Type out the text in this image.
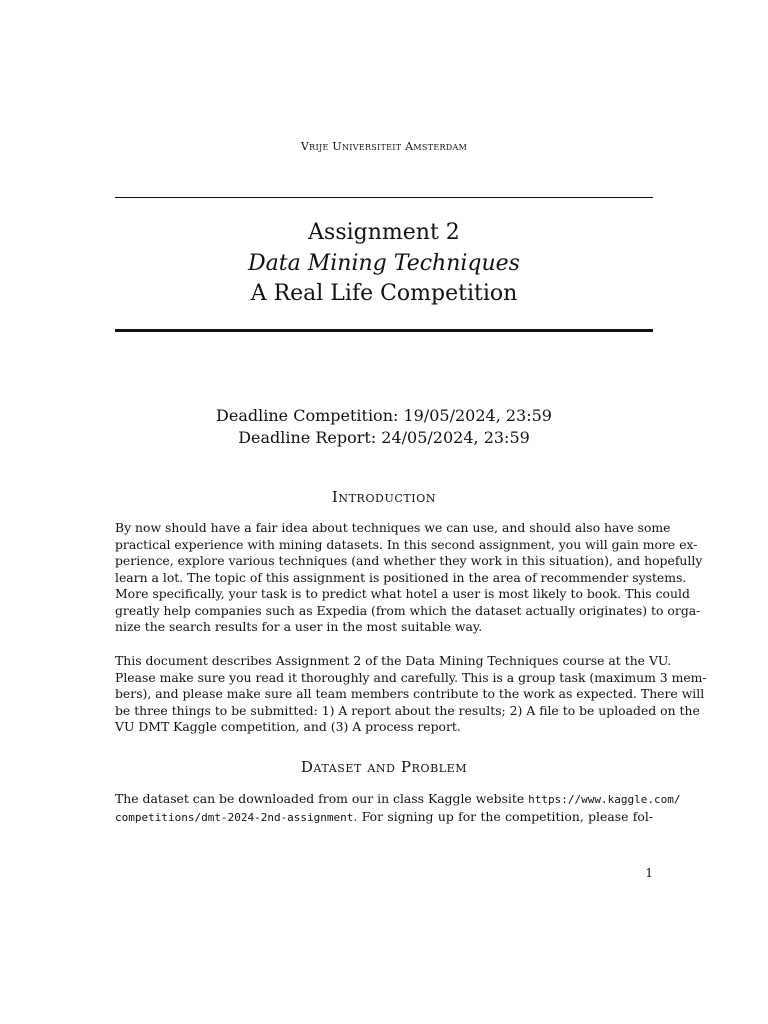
Vrije Universiteit Amsterdam
Assignment 2
Data Mining Techniques
A Real Life Competition
Deadline Competition: 19/05/2024, 23:59
Deadline Report: 24/05/2024, 23:59
Introduction
By now should have a fair idea about techniques we can use, and should also have some
practical experience with mining datasets. In this second assignment, you will gain more ex-
perience, explore various techniques (and whether they work in this situation), and hopefully
learn a lot. The topic of this assignment is positioned in the area of recommender systems.
More specifically, your task is to predict what hotel a user is most likely to book. This could
greatly help companies such as Expedia (from which the dataset actually originates) to orga-
nize the search results for a user in the most suitable way.
This document describes Assignment 2 of the Data Mining Techniques course at the VU.
Please make sure you read it thoroughly and carefully. This is a group task (maximum 3 mem-
bers), and please make sure all team members contribute to the work as expected. There will
be three things to be submitted: 1) A report about the results; 2) A file to be uploaded on the
VU DMT Kaggle competition, and (3) A process report.
Dataset and Problem
The dataset can be downloaded from our in class Kaggle website https://www.kaggle.com/
competitions/dmt-2024-2nd-assignment. For signing up for the competition, please fol-
1
